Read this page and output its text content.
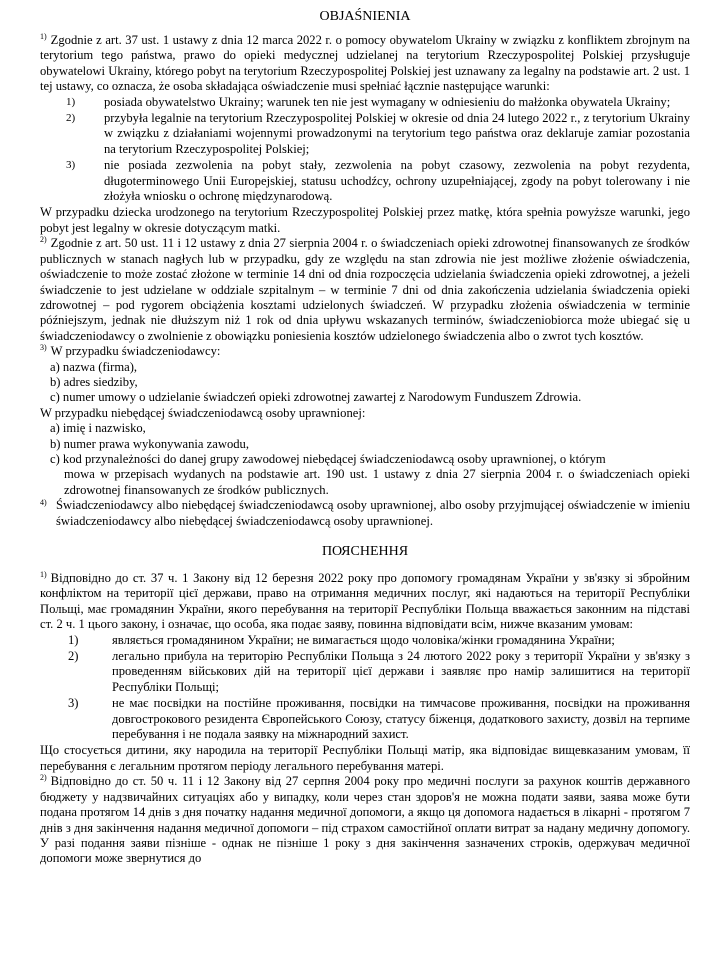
OBJAŚNIENIA

$^{1)}$ Zgodnie z art. 37 ust. 1 ustawy z dnia 12 marca 2022 r. o pomocy obywatelom Ukrainy w związku z konfliktem zbrojnym na terytorium tego państwa, prawo do opieki medycznej udzielanej na terytorium Rzeczypospolitej Polskiej przysługuje obywatelowi Ukrainy, którego pobyt na terytorium Rzeczypospolitej Polskiej jest uznawany za legalny na podstawie art. 2 ust. 1 tej ustawy, co oznacza, że osoba składająca oświadczenie musi spełniać łącznie następujące warunki:

1) posiada obywatelstwo Ukrainy; warunek ten nie jest wymagany w odniesieniu do małżonka obywatela Ukrainy;
2) przybyła legalnie na terytorium Rzeczypospolitej Polskiej w okresie od dnia 24 lutego 2022 r., z terytorium Ukrainy w związku z działaniami wojennymi prowadzonymi na terytorium tego państwa oraz deklaruje zamiar pozostania na terytorium Rzeczypospolitej Polskiej;
3) nie posiada zezwolenia na pobyt stały, zezwolenia na pobyt czasowy, zezwolenia na pobyt rezydenta, długoterminowego Unii Europejskiej, statusu uchodźcy, ochrony uzupełniającej, zgody na pobyt tolerowany i nie złożyła wniosku o ochronę międzynarodową.

W przypadku dziecka urodzonego na terytorium Rzeczypospolitej Polskiej przez matkę, która spełnia powyższe warunki, jego pobyt jest legalny w okresie dotyczącym matki.

$^{2)}$ Zgodnie z art. 50 ust. 11 i 12 ustawy z dnia 27 sierpnia 2004 r. o świadczeniach opieki zdrowotnej finansowanych ze środków publicznych w stanach nagłych lub w przypadku, gdy ze względu na stan zdrowia nie jest możliwe złożenie oświadczenia, oświadczenie to może zostać złożone w terminie 14 dni od dnia rozpoczęcia udzielania świadczenia opieki zdrowotnej, a jeżeli świadczenie to jest udzielane w oddziale szpitalnym – w terminie 7 dni od dnia zakończenia udzielania świadczenia opieki zdrowotnej – pod rygorem obciążenia kosztami udzielonych świadczeń. W przypadku złożenia oświadczenia w terminie późniejszym, jednak nie dłuższym niż 1 rok od dnia upływu wskazanych terminów, świadczeniobiorca może ubiegać się u świadczeniodawcy o zwolnienie z obowiązku poniesienia kosztów udzielonego świadczenia albo o zwrot tych kosztów.

$^{3)}$ W przypadku świadczeniodawcy:

a) nazwa (firma),
b) adres siedziby,
c) numer umowy o udzielanie świadczeń opieki zdrowotnej zawartej z Narodowym Funduszem Zdrowia.

W przypadku niebędącej świadczeniodawcą osoby uprawnionej:

a) imię i nazwisko,
b) numer prawa wykonywania zawodu,
c) kod przynależności do danej grupy zawodowej niebędącej świadczeniodawcą osoby uprawnionej, o którym
mowa w przepisach wydanych na podstawie art. 190 ust. 1 ustawy z dnia 27 sierpnia 2004 r. o świadczeniach opieki zdrowotnej finansowanych ze środków publicznych.
4) Świadczeniodawcy albo niebędącej świadczeniodawcą osoby uprawnionej, albo osoby przyjmującej oświadczenie w imieniu świadczeniodawcy albo niebędącej świadczeniodawcą osoby uprawnionej.
ПОЯСНЕННЯ

$^{1)}$ Відповідно до ст. 37 ч. 1 Закону від 12 березня 2022 року про допомогу громадянам України у зв'язку зі збройним конфліктом на території цієї держави, право на отримання медичних послуг, які надаються на території Республіки Польщі, має громадянин України, якого перебування на території Республіки Польща вважається законним на підставі ст. 2 ч. 1 цього закону, і означає, що особа, яка подає заяву, повинна відповідати всім, нижче вказаним умовам:

1)	являється громадянином України; не вимагається щодо чоловіка/жінки громадянина України;
2)	легально прибула на територію Республіки Польща з 24 лютого 2022 року з території України у зв'язку з проведенням військових дій на території цієї держави і заявляє про намір залишитися на території Республіки Польщі;
3)	не має посвідки на постійне проживання, посвідки на тимчасове проживання, посвідки на проживання довгострокового резидента Європейського Союзу, статусу біженця, додаткового захисту, дозвіл на терпиме перебування і не подала заявку на міжнародний захист.

Що стосується дитини, яку народила на території Республіки Польщі матір, яка відповідає вищевказаним умовам, її перебування є легальним протягом періоду легального перебування матері.

$^{2)}$ Відповідно до ст. 50 ч. 11 і 12 Закону від 27 серпня 2004 року про медичні послуги за рахунок коштів державного бюджету у надзвичайних ситуаціях або у випадку, коли через стан здоров'я не можна подати заяви, заява може бути подана протягом 14 днів з дня початку надання медичної допомоги, а якщо ця допомога надається в лікарні - протягом 7 днів з дня закінчення надання медичної допомоги – під страхом самостійної оплати витрат за надану медичну допомогу. У разі подання заяви пізніше - однак не пізніше 1 року з дня закінчення зазначених строків, одержувач медичної допомоги може звернутися до
